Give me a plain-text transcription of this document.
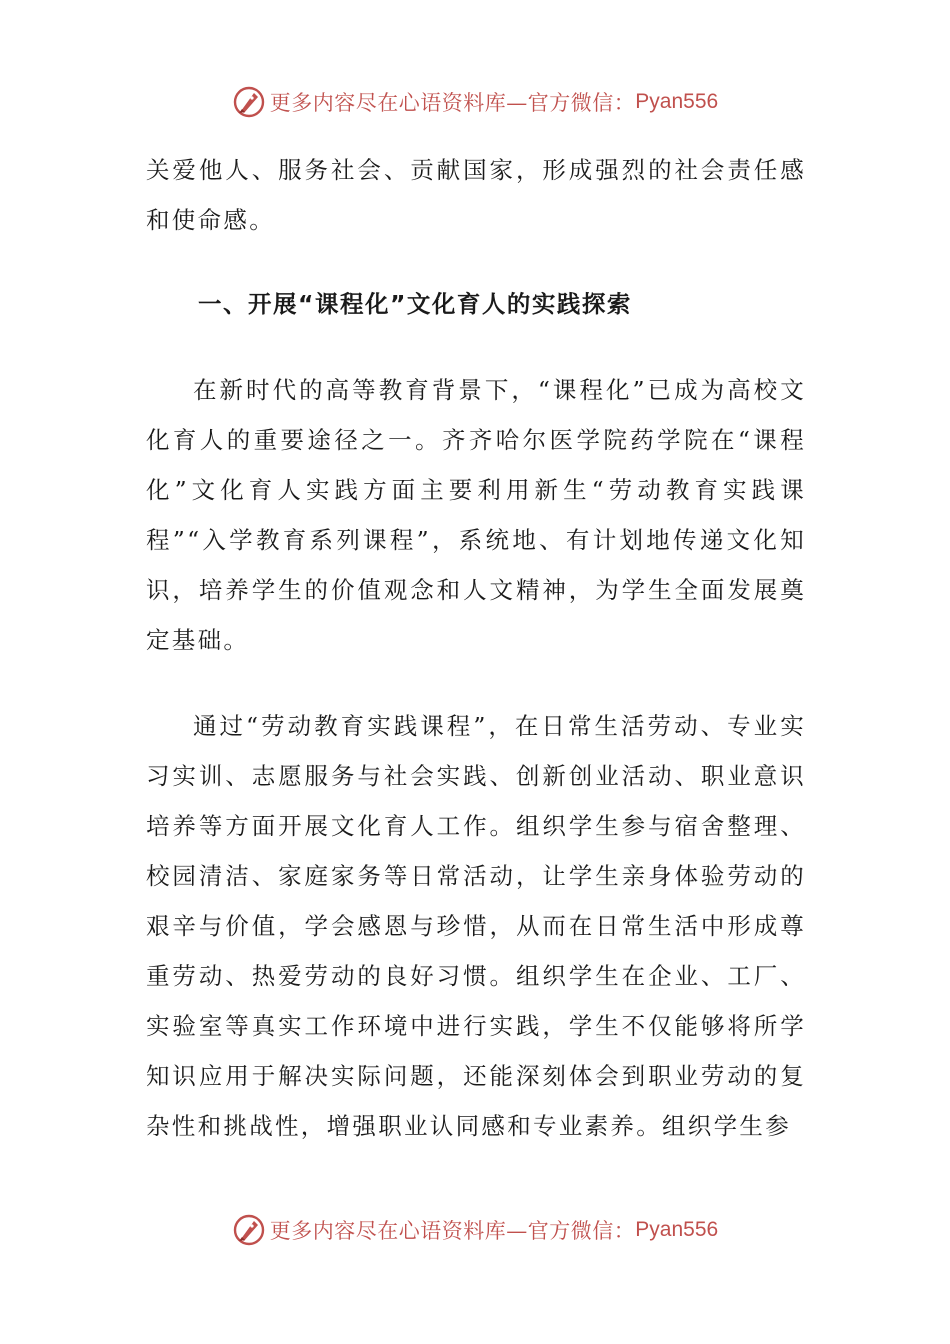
更多内容尽在心语资料库—官方微信： Pyan556

关爱他人、服务社会、贡献国家，形成强烈的社会责任感和使命感。

一、开展“课程化”文化育人的实践探索

在新时代的高等教育背景下，“课程化”已成为高校文化育人的重要途径之一。齐齐哈尔医学院药学院在“课程化”文化育人实践方面主要利用新生“劳动教育实践课程”“入学教育系列课程”，系统地、有计划地传递文化知识，培养学生的价值观念和人文精神，为学生全面发展奠定基础。

通过“劳动教育实践课程”，在日常生活劳动、专业实习实训、志愿服务与社会实践、创新创业活动、职业意识培养等方面开展文化育人工作。组织学生参与宿舍整理、校园清洁、家庭家务等日常活动，让学生亲身体验劳动的艰辛与价值，学会感恩与珍惜，从而在日常生活中形成尊重劳动、热爱劳动的良好习惯。组织学生在企业、工厂、实验室等真实工作环境中进行实践，学生不仅能够将所学知识应用于解决实际问题，还能深刻体会到职业劳动的复杂性和挑战性，增强职业认同感和专业素养。组织学生参

更多内容尽在心语资料库—官方微信： Pyan556
